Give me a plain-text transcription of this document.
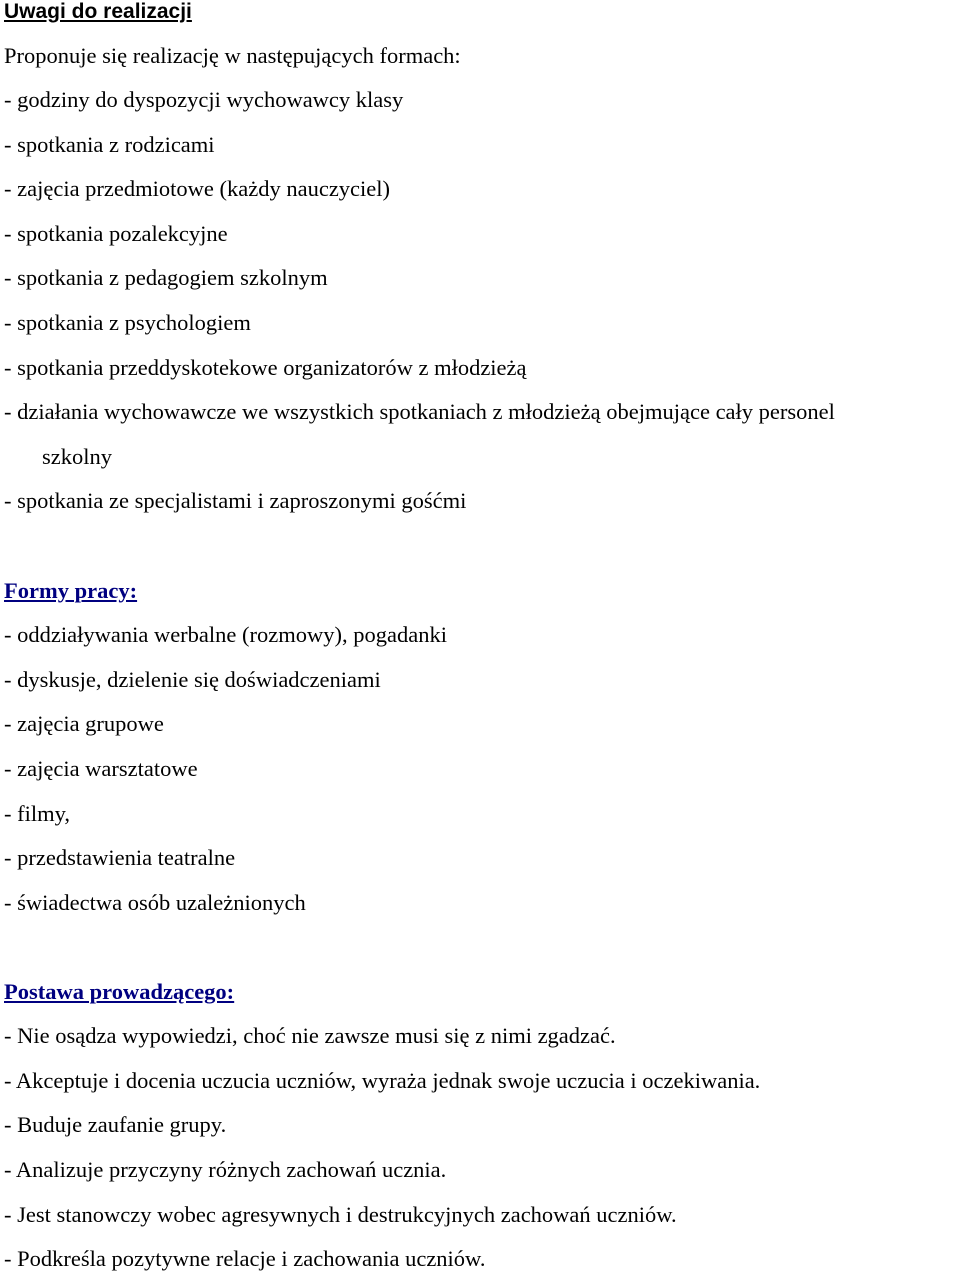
Uwagi do realizacji
Proponuje się realizację w następujących formach:
- godziny do dyspozycji wychowawcy klasy
- spotkania z rodzicami
- zajęcia przedmiotowe (każdy nauczyciel)
- spotkania pozalekcyjne
- spotkania z pedagogiem szkolnym
- spotkania z psychologiem
- spotkania przeddyskotekowe organizatorów z młodzieżą
- działania wychowawcze we wszystkich spotkaniach z młodzieżą obejmujące cały personel
szkolny
- spotkania ze specjalistami i zaproszonymi gośćmi
Formy pracy:
- oddziaływania werbalne (rozmowy), pogadanki
- dyskusje, dzielenie się doświadczeniami
- zajęcia grupowe
- zajęcia warsztatowe
- filmy,
- przedstawienia teatralne
- świadectwa osób uzależnionych
Postawa prowadzącego:
- Nie osądza wypowiedzi, choć nie zawsze musi się z nimi zgadzać.
- Akceptuje i docenia uczucia uczniów, wyraża jednak swoje uczucia i oczekiwania.
- Buduje zaufanie grupy.
- Analizuje przyczyny różnych zachowań ucznia.
- Jest stanowczy wobec agresywnych i destrukcyjnych zachowań uczniów.
- Podkreśla pozytywne relacje i zachowania uczniów.
